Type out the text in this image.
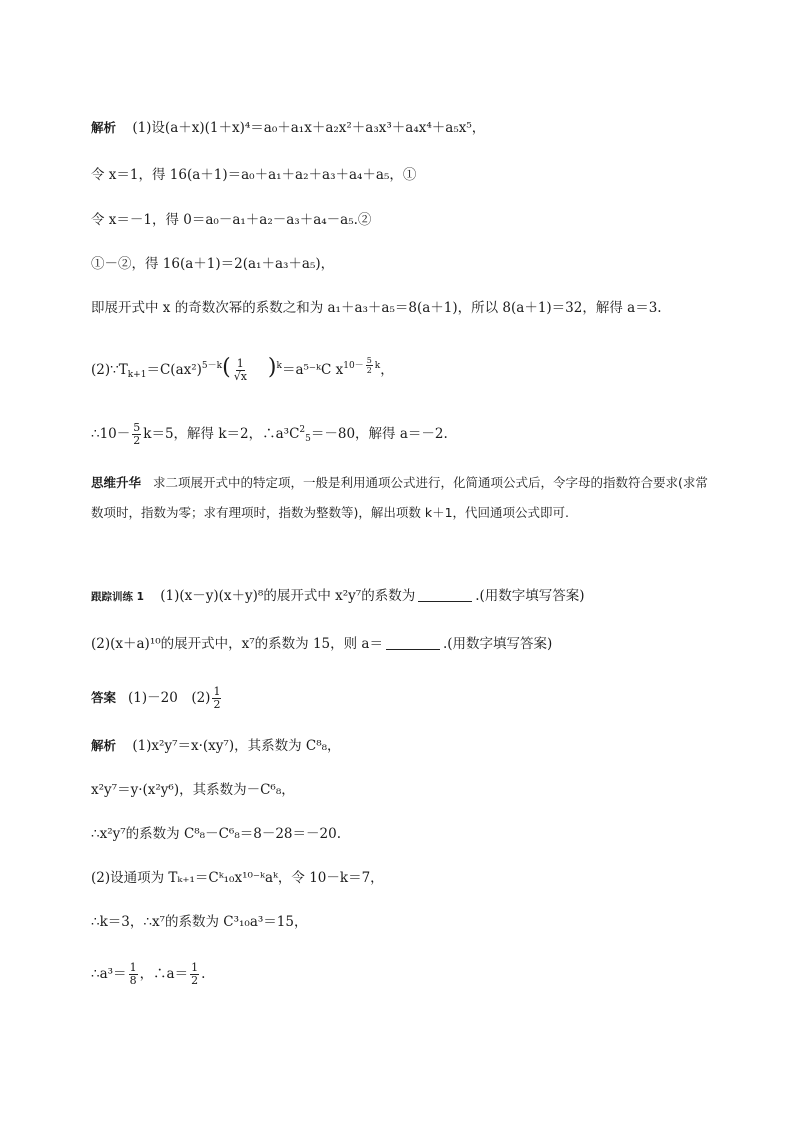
解析 (1)设(a＋x)(1＋x)⁴＝a₀＋a₁x＋a₂x²＋a₃x³＋a₄x⁴＋a₅x⁵，
令 x＝1，得 16(a＋1)＝a₀＋a₁＋a₂＋a₃＋a₄＋a₅，①
令 x＝－1，得 0＝a₀－a₁＋a₂－a₃＋a₄－a₅.②
①－②，得 16(a＋1)＝2(a₁＋a₃＋a₅)，
即展开式中 x 的奇数次幂的系数之和为 a₁＋a₃＋a₅＝8(a＋1)，所以 8(a＋1)＝32，解得 a＝3.
$(2)\because T_{k+1}=C(ax^2)^{5-k}( \frac{1}{√x}$ )$^k$＝a⁵⁻ᵏC $x^{10- \frac{5}{2} k}$，
∴10－ $\frac{5}{2} k=5$，解得 k＝2，$\therefore a^3C^2_5=-80$，解得 a＝－2.
思维升华 求二项展开式中的特定项，一般是利用通项公式进行，化简通项公式后，令字母的指数符合要求(求常数项时，指数为零；求有理项时，指数为整数等)，解出项数 k＋1，代回通项公式即可.
跟踪训练 1 (1)(x－y)(x＋y)⁸的展开式中 x²y⁷的系数为	.(用数字填写答案)
(2)(x＋a)¹⁰的展开式中，x⁷的系数为 15，则 a＝	.(用数字填写答案)
答案 (1)－20　$(2) \frac{1}{2}$
解析 (1)x²y⁷＝x·(xy⁷)，其系数为 C⁸₈，
x²y⁷＝y·(x²y⁶)，其系数为－C⁶₈，
∴x²y⁷的系数为 C⁸₈－C⁶₈＝8－28＝－20.
(2)设通项为 Tₖ₊₁＝Cᵏ₁₀x¹⁰⁻ᵏaᵏ，令 10－k＝7，
∴k＝3，∴x⁷的系数为 C³₁₀a³＝15，
∴a³＝ $\frac{1}{8}$ ，∴a＝ $\frac{1}{2}$ .
